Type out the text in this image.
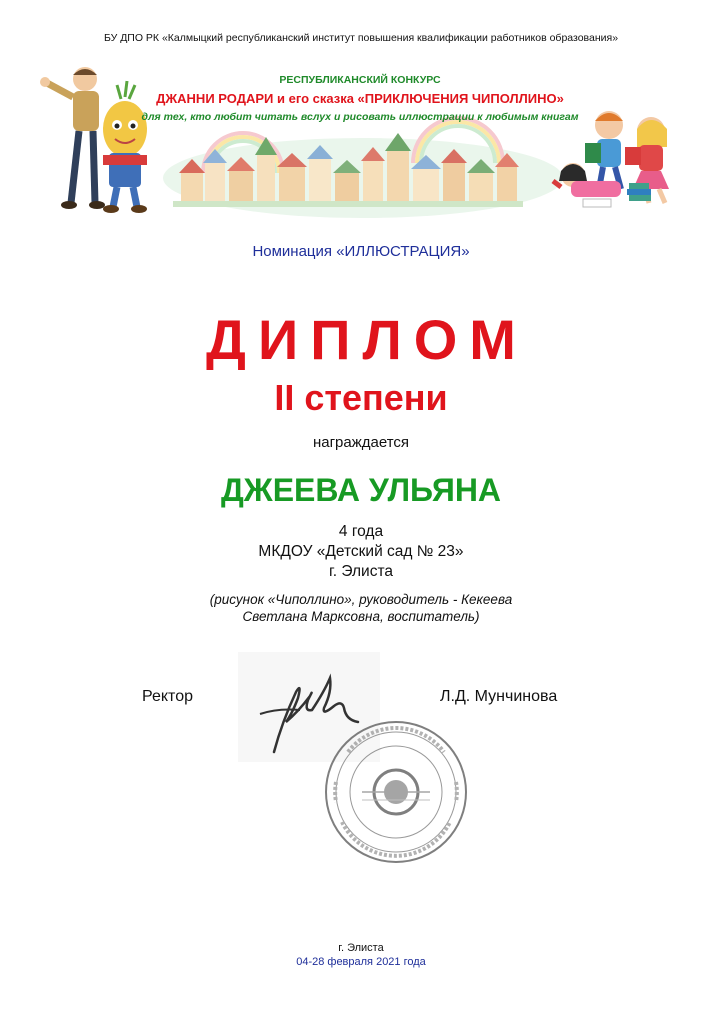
БУ ДПО РК «Калмыцкий республиканский институт повышения квалификации работников образования»
РЕСПУБЛИКАНСКИЙ КОНКУРС
ДЖАННИ РОДАРИ и его сказка «ПРИКЛЮЧЕНИЯ ЧИПОЛЛИНО»
для тех, кто любит читать вслух и рисовать иллюстрации к любимым книгам
Номинация «ИЛЛЮСТРАЦИЯ»
ДИПЛОМ
II степени
награждается
ДЖЕЕВА УЛЬЯНА
4 года
МКДОУ «Детский сад № 23»
г. Элиста
(рисунок «Чиполлино», руководитель - Кекеева
Светлана Марксовна, воспитатель)
Ректор	Л.Д. Мунчинова
г. Элиста
04-28 февраля 2021 года
